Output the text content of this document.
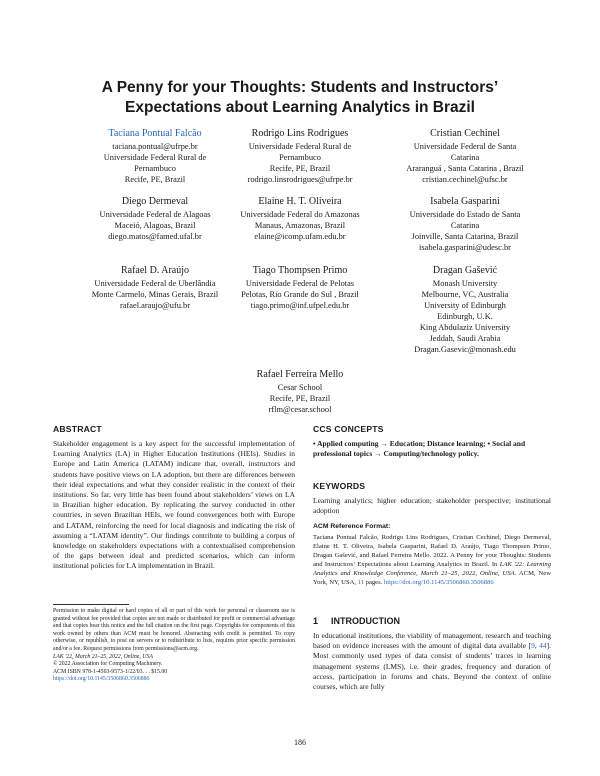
A Penny for your Thoughts: Students and Instructors’
Expectations about Learning Analytics in Brazil
Taciana Pontual Falcão
taciana.pontual@ufrpe.br
Universidade Federal Rural de
Pernambuco
Recife, PE, Brazil
Rodrigo Lins Rodrigues
Universidade Federal Rural de
Pernambuco
Recife, PE, Brazil
rodrigo.linsrodrigues@ufrpe.br
Cristian Cechinel
Universidade Federal de Santa
Catarina
Araranguá , Santa Catarina , Brazil
cristian.cechinel@ufsc.br
Diego Dermeval
Universidade Federal de Alagoas
Maceió, Alagoas, Brazil
diego.matos@famed.ufal.br
Elaine H. T. Oliveira
Universidade Federal do Amazonas
Manaus, Amazonas, Brazil
elaine@icomp.ufam.edu.br
Isabela Gasparini
Universidade do Estado de Santa
Catarina
Joinville, Santa Catarina, Brazil
isabela.gasparini@udesc.br
Rafael D. Araújo
Universidade Federal de Uberlândia
Monte Carmelo, Minas Gerais, Brazil
rafael.araujo@ufu.br
Tiago Thompsen Primo
Universidade Federal de Pelotas
Pelotas, Rio Grande do Sul , Brazil
tiago.primo@inf.ufpel.edu.br
Dragan Gašević
Monash University
Melbourne, VC, Australia
University of Edinburgh
Edinburgh, U.K.
King Abdulaziz University
Jeddah, Saudi Arabia
Dragan.Gasevic@monash.edu
Rafael Ferreira Mello
Cesar School
Recife, PE, Brazil
rflm@cesar.school
ABSTRACT

Stakeholder engagement is a key aspect for the successful implementation of Learning Analytics (LA) in Higher Education Institutions (HEIs). Studies in Europe and Latin America (LATAM) indicate that, overall, instructors and students have positive views on LA adoption, but there are differences between their ideal expectations and what they consider realistic in the context of their institutions. So far, very little has been found about stakeholders’ views on LA in Brazilian higher education. By replicating the survey conducted in other countries, in seven Brazilian HEIs, we found convergences both with Europe and LATAM, reinforcing the need for local diagnosis and indicating the risk of assuming a “LATAM identity”. Our findings contribute to building a corpus of knowledge on stakeholders expectations with a contextualised comprehension of the gaps between ideal and predicted scenarios, which can inform institutional policies for LA implementation in Brazil.

Permission to make digital or hard copies of all or part of this work for personal or classroom use is granted without fee provided that copies are not made or distributed for profit or commercial advantage and that copies bear this notice and the full citation on the first page. Copyrights for components of this work owned by others than ACM must be honored. Abstracting with credit is permitted. To copy otherwise, or republish, to post on servers or to redistribute to lists, requires prior specific permission and/or a fee. Request permissions from permissions@acm.org.

LAK '22, March 21–25, 2022, Online, USA

© 2022 Association for Computing Machinery.

ACM ISBN 978-1-4503-9573-1/22/03. . . $15.00

https://doi.org/10.1145/3506860.3506886

CCS CONCEPTS

• Applied computing → Education; Distance learning; • Social and professional topics → Computing/technology policy.

KEYWORDS

Learning analytics; higher education; stakeholder perspective; institutional adoption

ACM Reference Format:

Taciana Pontual Falcão, Rodrigo Lins Rodrigues, Cristian Cechinel, Diego Dermeval, Elaine H. T. Oliveira, Isabela Gasparini, Rafael D. Araújo, Tiago Thompsen Primo, Dragan Gašević, and Rafael Ferreira Mello. 2022. A Penny for your Thoughts: Students and Instructors’ Expectations about Learning Analytics in Brazil. In LAK '22: Learning Analytics and Knowledge Conference, March 21–25, 2022, Online, USA. ACM, New York, NY, USA, 11 pages. https://doi.org/10.1145/3506860.3506886

1 INTRODUCTION

In educational institutions, the viability of management, research and teaching based on evidence increases with the amount of digital data available [9, 44]. Most commonly used types of data consist of students’ traces in learning management systems (LMS), i.e. their grades, frequency and duration of access, participation in forums and chats. Beyond the context of online courses, which are fully

186
